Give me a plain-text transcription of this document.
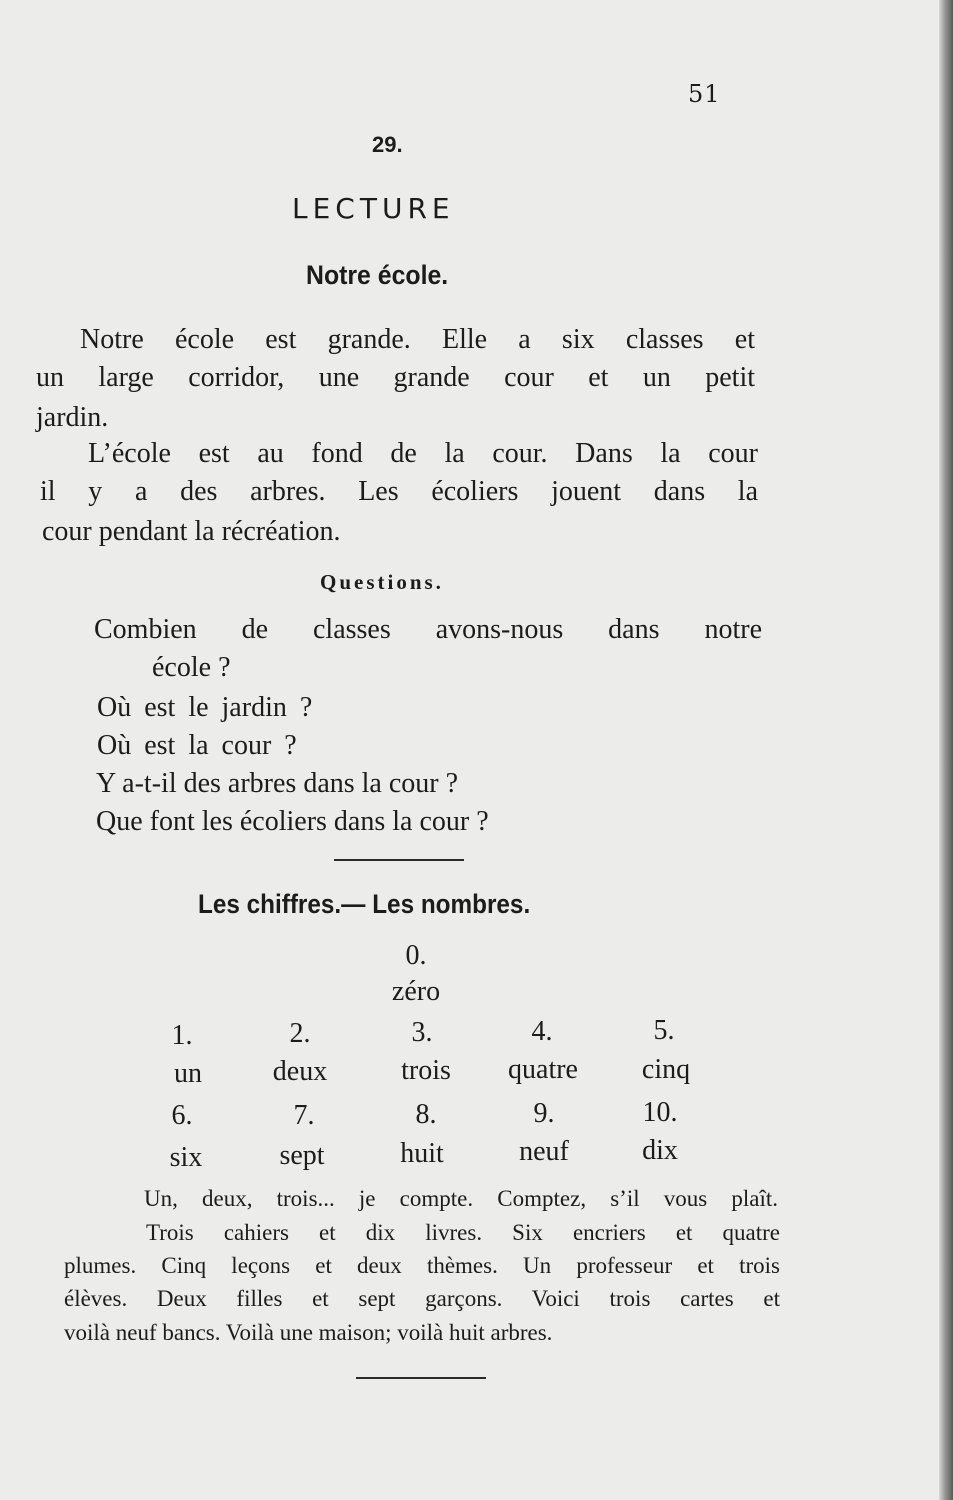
51
29.
LECTURE
Notre école.
Notre école est grande. Elle a six classes et
un large corridor, une grande cour et un petit
jardin.
L’école est au fond de la cour. Dans la cour
il y a des arbres. Les écoliers jouent dans la
cour pendant la récréation.
Questions.
Combien de classes avons-nous dans notre
école ?
Où est le jardin ?
Où est la cour ?
Y a-t-il des arbres dans la cour ?
Que font les écoliers dans la cour ?
Les chiffres.— Les nombres.
0.
zéro
1.	2.	3.	4.	5.
un	deux	trois	quatre	cinq
6.	7.	8.	9.	10.
six	sept	huit	neuf	dix
Un, deux, trois... je compte. Comptez, s’il vous plaît.
Trois cahiers et dix livres. Six encriers et quatre
plumes. Cinq leçons et deux thèmes. Un professeur et trois
élèves. Deux filles et sept garçons. Voici trois cartes et
voilà neuf bancs. Voilà une maison; voilà huit arbres.
